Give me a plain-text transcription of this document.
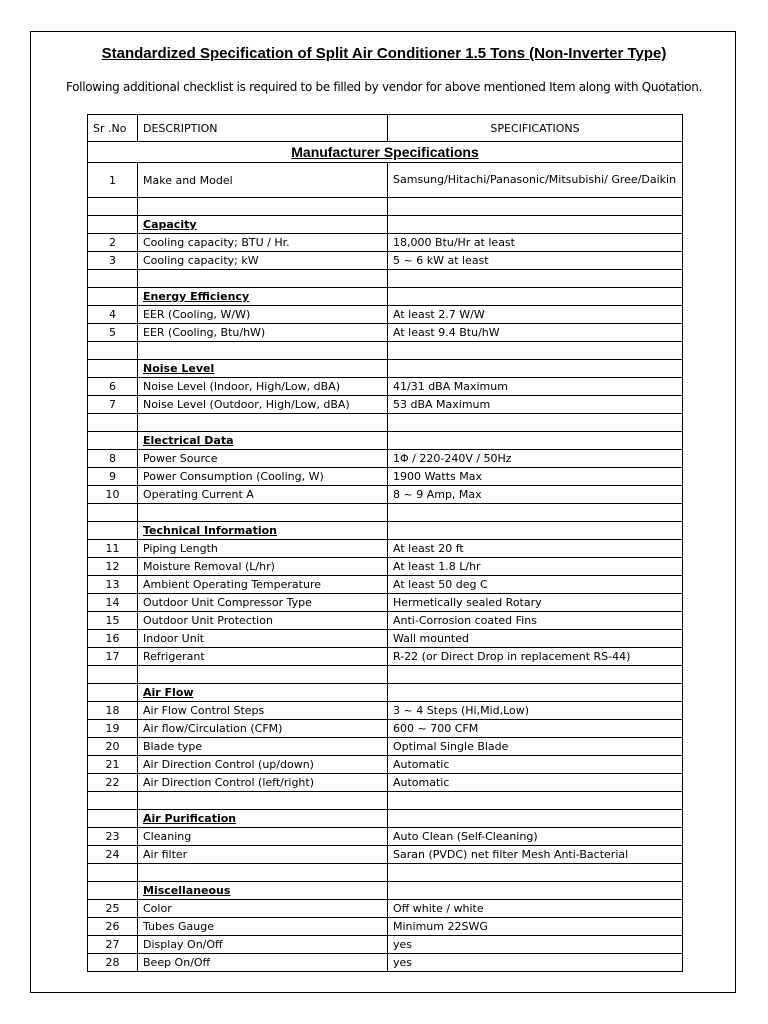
Standardized Specification of Split Air Conditioner 1.5 Tons (Non-Inverter Type)
Following additional checklist is required to be filled by vendor for above mentioned Item along with Quotation.
Sr .No	DESCRIPTION	SPECIFICATIONS
Manufacturer Specifications		
1	Make and Model	Samsung/Hitachi/Panasonic/Mitsubishi/ Gree/Daikin

	Capacity	
2	Cooling capacity; BTU / Hr.	18,000 Btu/Hr at least
3	Cooling capacity; kW	5 ~ 6 kW at least

	Energy Efficiency	
4	EER (Cooling, W/W)	At least 2.7 W/W
5	EER (Cooling, Btu/hW)	At least 9.4 Btu/hW

	Noise Level	
6	Noise Level (Indoor, High/Low, dBA)	41/31 dBA Maximum
7	Noise Level (Outdoor, High/Low, dBA)	53 dBA Maximum

	Electrical Data	
8	Power Source	1Φ / 220-240V / 50Hz
9	Power Consumption (Cooling, W)	1900 Watts Max
10	Operating Current A	8 ~ 9 Amp, Max

	Technical Information	
11	Piping Length	At least 20 ft
12	Moisture Removal (L/hr)	At least 1.8 L/hr
13	Ambient Operating Temperature	At least 50 deg C
14	Outdoor Unit Compressor Type	Hermetically sealed Rotary
15	Outdoor Unit Protection	Anti-Corrosion coated Fins
16	Indoor Unit	Wall mounted
17	Refrigerant	R-22 (or Direct Drop in replacement RS-44)

	Air Flow	
18	Air Flow Control Steps	3 ~ 4 Steps (Hi,Mid,Low)
19	Air flow/Circulation (CFM)	600 ~ 700 CFM
20	Blade type	Optimal Single Blade
21	Air Direction Control (up/down)	Automatic
22	Air Direction Control (left/right)	Automatic

	Air Purification	
23	Cleaning	Auto Clean (Self-Cleaning)
24	Air filter	Saran (PVDC) net filter Mesh Anti-Bacterial

	Miscellaneous	
25	Color	Off white / white
26	Tubes Gauge	Minimum 22SWG
27	Display On/Off	yes
28	Beep On/Off	yes
